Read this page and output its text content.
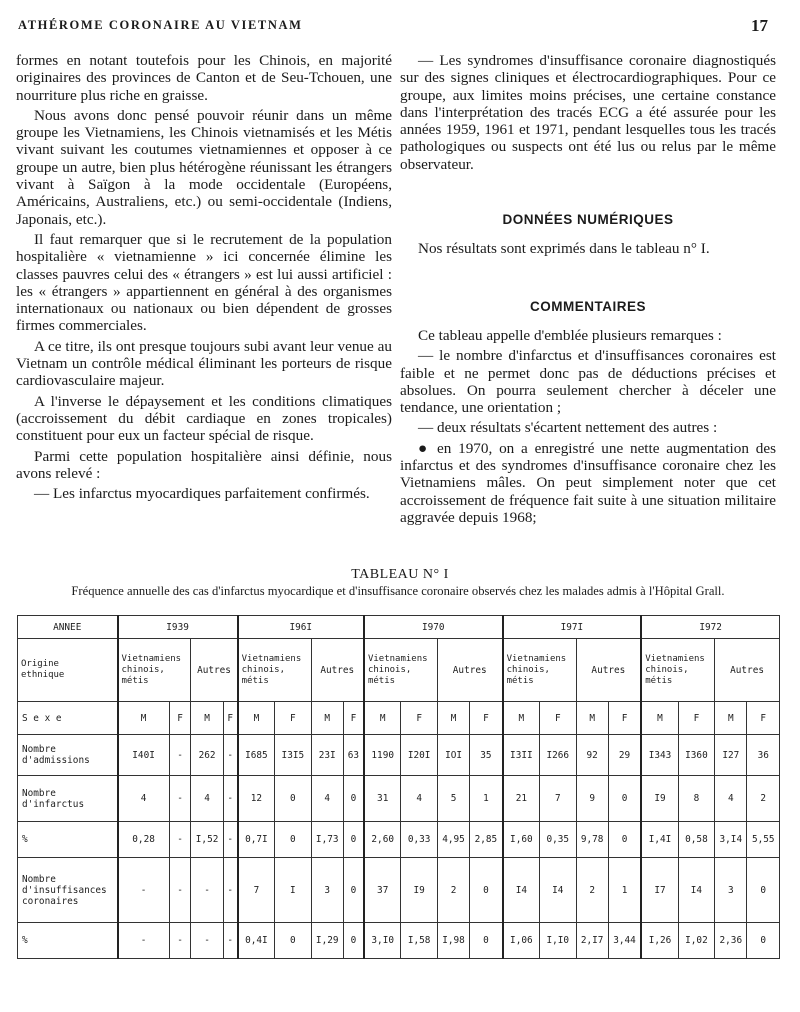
ATHÉROME CORONAIRE AU VIETNAM	17

formes en notant toutefois pour les Chinois, en majorité originaires des provinces de Canton et de Seu-Tchouen, une nourriture plus riche en graisse.

Nous avons donc pensé pouvoir réunir dans un même groupe les Vietnamiens, les Chinois vietnamisés et les Métis vivant suivant les coutumes vietnamiennes et opposer à ce groupe un autre, bien plus hétérogène réunissant les étrangers vivant à Saïgon à la mode occidentale (Européens, Américains, Australiens, etc.) ou semi-occidentale (Indiens, Japonais, etc.).

Il faut remarquer que si le recrutement de la population hospitalière « vietnamienne » ici concernée élimine les classes pauvres celui des « étrangers » est lui aussi artificiel : les « étrangers » appartiennent en général à des organismes internationaux ou nationaux ou bien dépendent de grosses firmes commerciales.

A ce titre, ils ont presque toujours subi avant leur venue au Vietnam un contrôle médical éliminant les porteurs de risque cardiovasculaire majeur.

A l'inverse le dépaysement et les conditions climatiques (accroissement du débit cardiaque en zones tropicales) constituent pour eux un facteur spécial de risque.

Parmi cette population hospitalière ainsi définie, nous avons relevé :

— Les infarctus myocardiques parfaitement confirmés.

— Les syndromes d'insuffisance coronaire diagnostiqués sur des signes cliniques et électrocardiographiques. Pour ce groupe, aux limites moins précises, une certaine constance dans l'interprétation des tracés ECG a été assurée pour les années 1959, 1961 et 1971, pendant lesquelles tous les tracés pathologiques ou suspects ont été lus ou relus par le même observateur.

DONNÉES NUMÉRIQUES

Nos résultats sont exprimés dans le tableau n° I.

COMMENTAIRES

Ce tableau appelle d'emblée plusieurs remarques :

— le nombre d'infarctus et d'insuffisances coronaires est faible et ne permet donc pas de déductions précises et absolues. On pourra seulement chercher à déceler une tendance, une orientation ;

— deux résultats s'écartent nettement des autres :

● en 1970, on a enregistré une nette augmentation des infarctus et des syndromes d'insuffisance coronaire chez les Vietnamiens mâles. On peut simplement noter que cet accroissement de fréquence fait suite à une situation militaire aggravée depuis 1968;

TABLEAU N° I
Fréquence annuelle des cas d'infarctus myocardique et d'insuffisance coronaire observés chez les malades admis à l'Hôpital Grall.
ANNEE	I939				I96I				I970				I97I				I972			
Origine
ethnique	Vietnamiens
chinois,
métis		Autres		Vietnamiens
chinois,
métis		Autres		Vietnamiens
chinois,
métis		Autres		Vietnamiens
chinois,
métis		Autres		Vietnamiens
chinois,
métis		Autres	
S e x e	M	F	M	F	M	F	M	F	M	F	M	F	M	F	M	F	M	F	M	F
Nombre
d'admissions	I40I	-	262	-	I685	I3I5	23I	63	1190	I20I	IOI	35	I3II	I266	92	29	I343	I360	I27	36
Nombre
d'infarctus	4	-	4	-	12	0	4	0	31	4	5	1	21	7	9	0	I9	8	4	2
%	0,28	-	I,52	-	0,7I	0	I,73	0	2,60	0,33	4,95	2,85	I,60	0,35	9,78	0	I,4I	0,58	3,I4	5,55
Nombre
d'insuffisances
coronaires	-	-	-	-	7	I	3	0	37	I9	2	0	I4	I4	2	1	I7	I4	3	0
%	-	-	-	-	0,4I	0	I,29	0	3,I0	I,58	I,98	0	I,06	I,I0	2,I7	3,44	I,26	I,02	2,36	0
